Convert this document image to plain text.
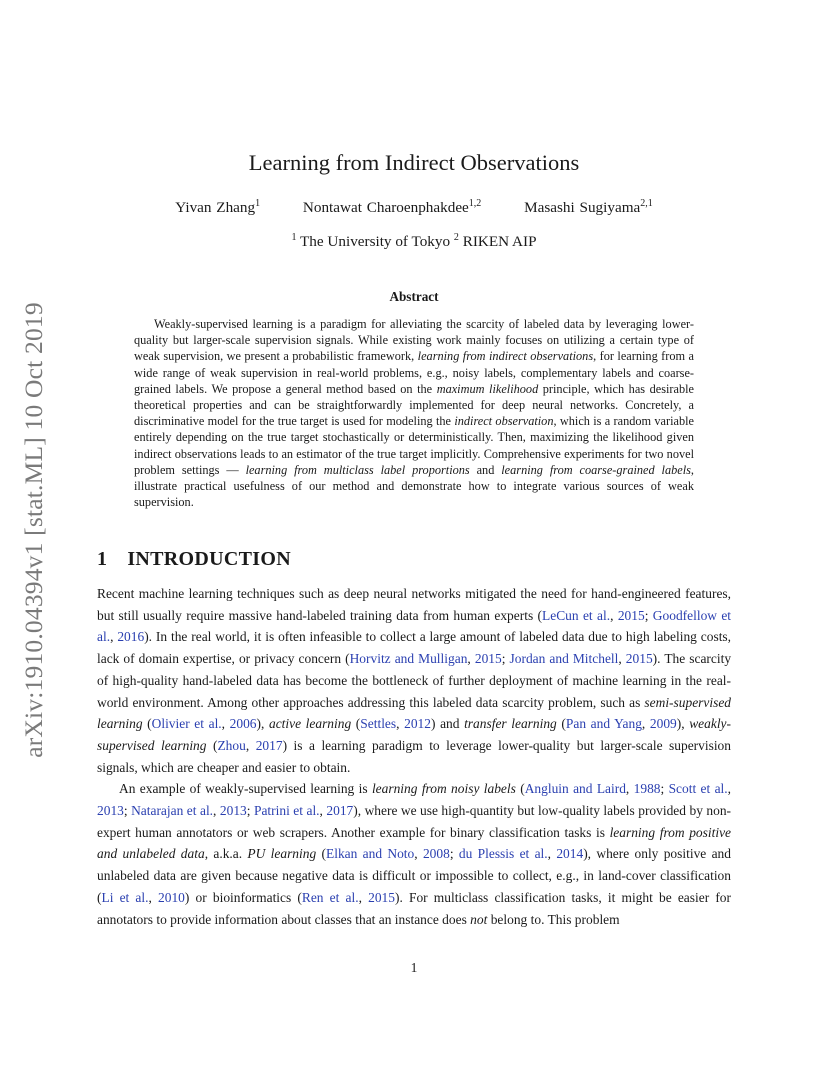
arXiv:1910.04394v1 [stat.ML] 10 Oct 2019
Learning from Indirect Observations
Yivan Zhang$^1$	Nontawat Charoenphakdee$^{1,2}$	Masashi Sugiyama$^{2,1}$
$^1$ The University of Tokyo $^2$ RIKEN AIP
Abstract

Weakly-supervised learning is a paradigm for alleviating the scarcity of labeled data by leveraging lower-quality but larger-scale supervision signals. While existing work mainly focuses on utilizing a certain type of weak supervision, we present a probabilistic framework, learning from indirect observations, for learning from a wide range of weak supervision in real-world problems, e.g., noisy labels, complementary labels and coarse-grained labels. We propose a general method based on the maximum likelihood principle, which has desirable theoretical properties and can be straightforwardly implemented for deep neural networks. Concretely, a discriminative model for the true target is used for modeling the indirect observation, which is a random variable entirely depending on the true target stochastically or deterministically. Then, maximizing the likelihood given indirect observations leads to an estimator of the true target implicitly. Comprehensive experiments for two novel problem settings — learning from multiclass label proportions and learning from coarse-grained labels, illustrate practical usefulness of our method and demonstrate how to integrate various sources of weak supervision.

1 INTRODUCTION

Recent machine learning techniques such as deep neural networks mitigated the need for hand-engineered features, but still usually require massive hand-labeled training data from human experts (LeCun et al., 2015; Goodfellow et al., 2016). In the real world, it is often infeasible to collect a large amount of labeled data due to high labeling costs, lack of domain expertise, or privacy concern (Horvitz and Mulligan, 2015; Jordan and Mitchell, 2015). The scarcity of high-quality hand-labeled data has become the bottleneck of further deployment of machine learning in the real-world environment. Among other approaches addressing this labeled data scarcity problem, such as semi-supervised learning (Olivier et al., 2006), active learning (Settles, 2012) and transfer learning (Pan and Yang, 2009), weakly-supervised learning (Zhou, 2017) is a learning paradigm to leverage lower-quality but larger-scale supervision signals, which are cheaper and easier to obtain.

An example of weakly-supervised learning is learning from noisy labels (Angluin and Laird, 1988; Scott et al., 2013; Natarajan et al., 2013; Patrini et al., 2017), where we use high-quantity but low-quality labels provided by non-expert human annotators or web scrapers. Another example for binary classification tasks is learning from positive and unlabeled data, a.k.a. PU learning (Elkan and Noto, 2008; du Plessis et al., 2014), where only positive and unlabeled data are given because negative data is difficult or impossible to collect, e.g., in land-cover classification (Li et al., 2010) or bioinformatics (Ren et al., 2015). For multiclass classification tasks, it might be easier for annotators to provide information about classes that an instance does not belong to. This problem

1
